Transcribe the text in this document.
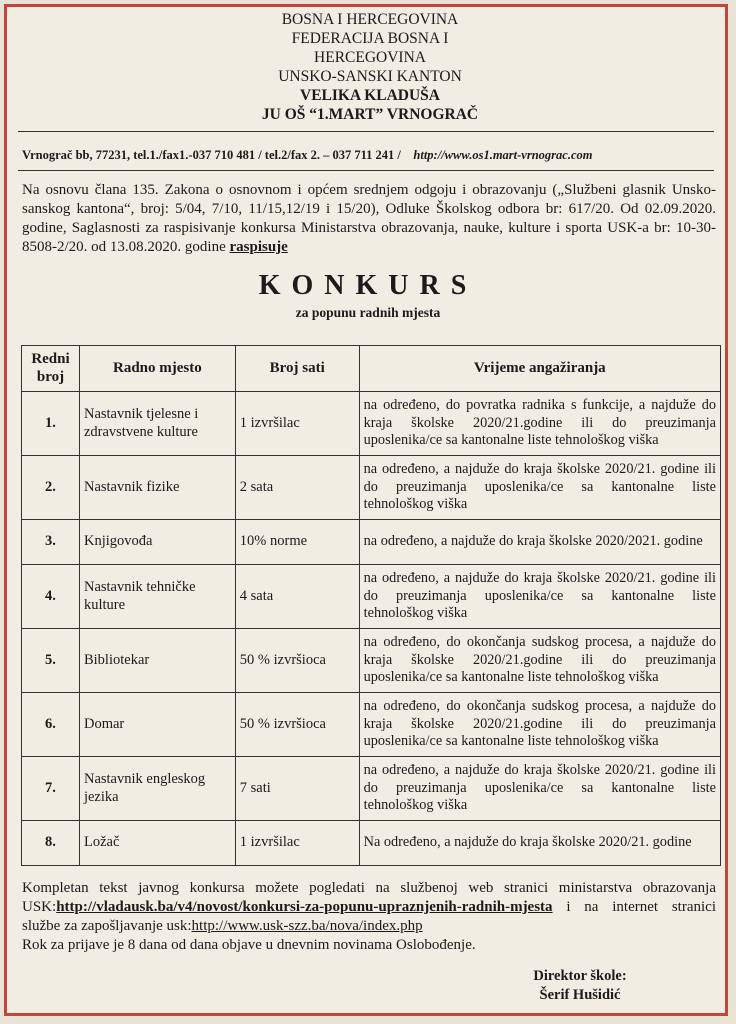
BOSNA I HERCEGOVINA
FEDERACIJA BOSNA I
HERCEGOVINA
UNSKO-SANSKI KANTON
VELIKA KLADUŠA
JU OŠ “1.MART” VRNOGRAČ
Vrnograč bb, 77231, tel.1./fax1.-037 710 481 / tel.2/fax 2. – 037 711 241 / http://www.os1.mart-vrnograc.com
Na osnovu člana 135. Zakona o osnovnom i općem srednjem odgoju i obrazovanju („Službeni glasnik Unsko-sanskog kantona“, broj: 5/04, 7/10, 11/15,12/19 i 15/20), Odluke Školskog odbora br: 617/20. Od 02.09.2020. godine, Saglasnosti za raspisivanje konkursa Ministarstva obrazovanja, nauke, kulture i sporta USK-a br: 10-30-8508-2/20. od 13.08.2020. godine raspisuje
KONKURS
za popunu radnih mjesta
Redni broj	Radno mjesto	Broj sati	Vrijeme angažiranja
1.	Nastavnik tjelesne i zdravstvene kulture	1 izvršilac	na određeno, do povratka radnika s funkcije, a najduže do kraja školske 2020/21.godine ili do preuzimanja uposlenika/ce sa kantonalne liste tehnološkog viška
2.	Nastavnik fizike	2 sata	na određeno, a najduže do kraja školske 2020/21. godine ili do preuzimanja uposlenika/ce sa kantonalne liste tehnološkog viška
3.	Knjigovođa	10% norme	na određeno, a najduže do kraja školske 2020/2021. godine
4.	Nastavnik tehničke kulture	4 sata	na određeno, a najduže do kraja školske 2020/21. godine ili do preuzimanja uposlenika/ce sa kantonalne liste tehnološkog viška
5.	Bibliotekar	50 % izvršioca	na određeno, do okončanja sudskog procesa, a najduže do kraja školske 2020/21.godine ili do preuzimanja uposlenika/ce sa kantonalne liste tehnološkog viška
6.	Domar	50 % izvršioca	na određeno, do okončanja sudskog procesa, a najduže do kraja školske 2020/21.godine ili do preuzimanja uposlenika/ce sa kantonalne liste tehnološkog viška
7.	Nastavnik engleskog jezika	7 sati	na određeno, a najduže do kraja školske 2020/21. godine ili do preuzimanja uposlenika/ce sa kantonalne liste tehnološkog viška
8.	Ložač	1 izvršilac	Na određeno, a najduže do kraja školske 2020/21. godine
Kompletan tekst javnog konkursa možete pogledati na službenoj web stranici ministarstva obrazovanja USK:http://vladausk.ba/v4/novost/konkursi-za-popunu-upraznjenih-radnih-mjesta i na internet stranici službe za zapošljavanje usk:http://www.usk-szz.ba/nova/index.php
Rok za prijave je 8 dana od dana objave u dnevnim novinama Oslobođenje.
Direktor škole:
Šerif Hušidić
